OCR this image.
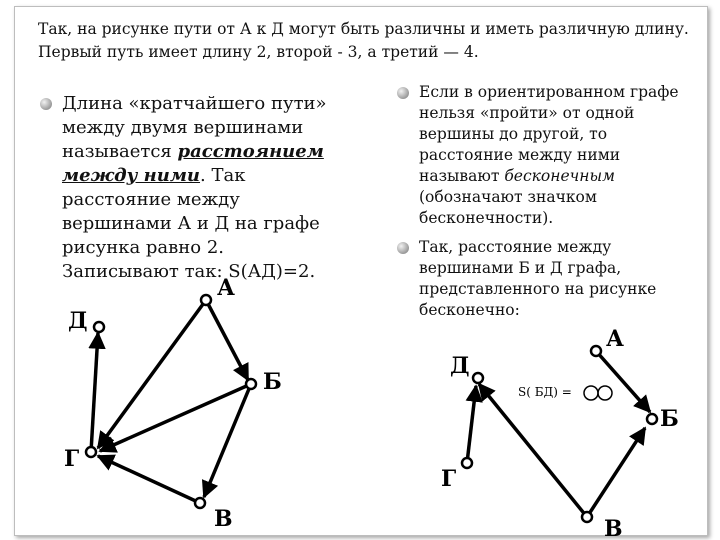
Так, на рисунке пути от А к Д могут быть различны и иметь различную длину.
Первый путь имеет длину 2, второй - 3, а третий — 4.
Длина «кратчайшего пути» между двумя вершинами называется расстоянием между ними. Так расстояние между вершинами А и Д на графе рисунка равно 2. Записывают так: S(АД)=2.
Если в ориентированном графе нельзя «пройти» от одной вершины до другой, то расстояние между ними называют бесконечным (обозначают значком бесконечности).
Так, расстояние между вершинами Б и Д графа, представленного на рисунке бесконечно:
А
Б
В
Г
Д
А
Б
В
Г
Д
S( БД) =
